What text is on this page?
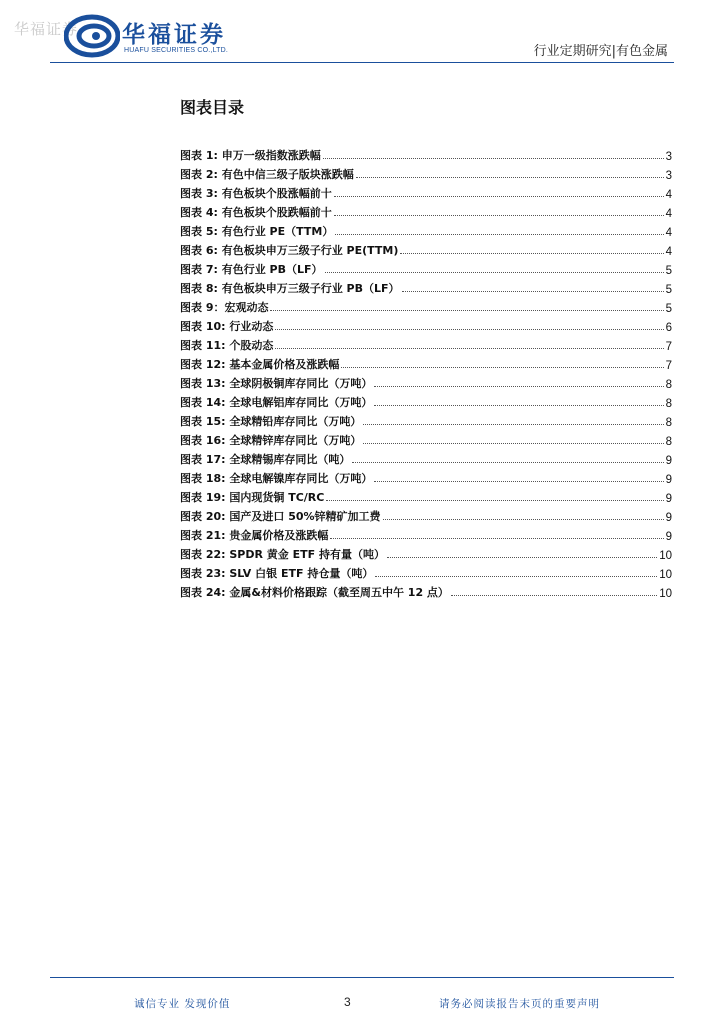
华福证券 华福证券
HUAFU SECURITIES CO.,LTD.	行业定期研究|有色金属
图表目录
图表 1: 申万一级指数涨跌幅	3
图表 2: 有色中信三级子版块涨跌幅	3
图表 3: 有色板块个股涨幅前十	4
图表 4: 有色板块个股跌幅前十	4
图表 5: 有色行业 PE（TTM）	4
图表 6: 有色板块申万三级子行业 PE(TTM)	4
图表 7: 有色行业 PB（LF）	5
图表 8: 有色板块申万三级子行业 PB（LF）	5
图表 9：宏观动态	5
图表 10: 行业动态	6
图表 11: 个股动态	7
图表 12: 基本金属价格及涨跌幅	7
图表 13: 全球阴极铜库存同比（万吨）	8
图表 14: 全球电解铝库存同比（万吨）	8
图表 15: 全球精铅库存同比（万吨）	8
图表 16: 全球精锌库存同比（万吨）	8
图表 17: 全球精锡库存同比（吨）	9
图表 18: 全球电解镍库存同比（万吨）	9
图表 19: 国内现货铜 TC/RC	9
图表 20: 国产及进口 50%锌精矿加工费	9
图表 21: 贵金属价格及涨跌幅	9
图表 22: SPDR 黄金 ETF 持有量（吨）	10
图表 23: SLV 白银 ETF 持仓量（吨）	10
图表 24: 金属&材料价格跟踪（截至周五中午 12 点）	10
诚信专业 发现价值	3	请务必阅读报告末页的重要声明
